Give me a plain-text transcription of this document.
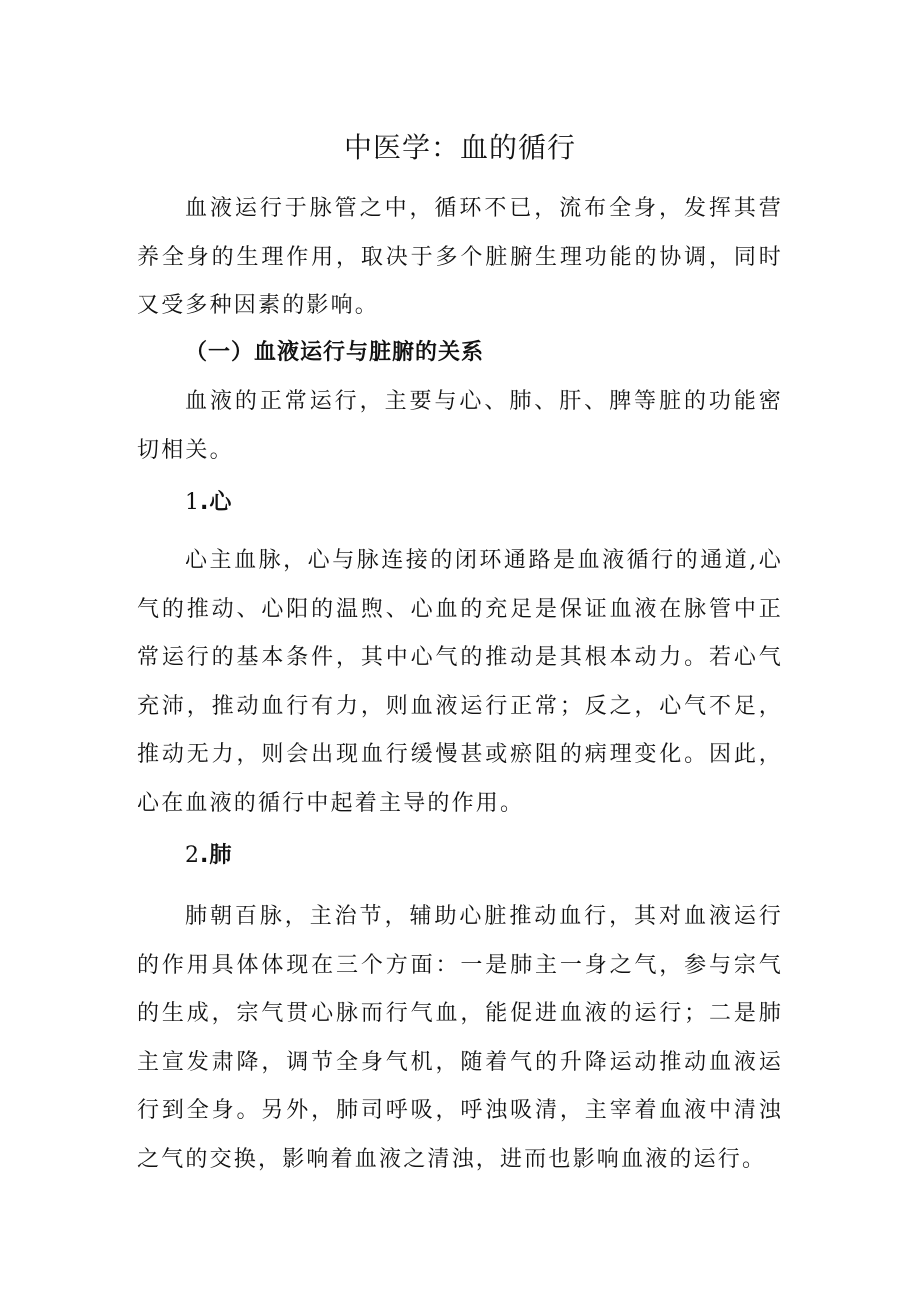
中医学：血的循行

血液运行于脉管之中，循环不已，流布全身，发挥其营养全身的生理作用，取决于多个脏腑生理功能的协调，同时又受多种因素的影响。

（一）血液运行与脏腑的关系

血液的正常运行，主要与心、肺、肝、脾等脏的功能密切相关。

1.心

心主血脉，心与脉连接的闭环通路是血液循行的通道,心气的推动、心阳的温煦、心血的充足是保证血液在脉管中正常运行的基本条件，其中心气的推动是其根本动力。若心气充沛，推动血行有力，则血液运行正常；反之，心气不足，推动无力，则会出现血行缓慢甚或瘀阻的病理变化。因此，心在血液的循行中起着主导的作用。

2.肺

肺朝百脉，主治节，辅助心脏推动血行，其对血液运行的作用具体体现在三个方面：一是肺主一身之气，参与宗气的生成，宗气贯心脉而行气血，能促进血液的运行；二是肺主宣发肃降，调节全身气机，随着气的升降运动推动血液运行到全身。另外，肺司呼吸，呼浊吸清，主宰着血液中清浊之气的交换，影响着血液之清浊，进而也影响血液的运行。
